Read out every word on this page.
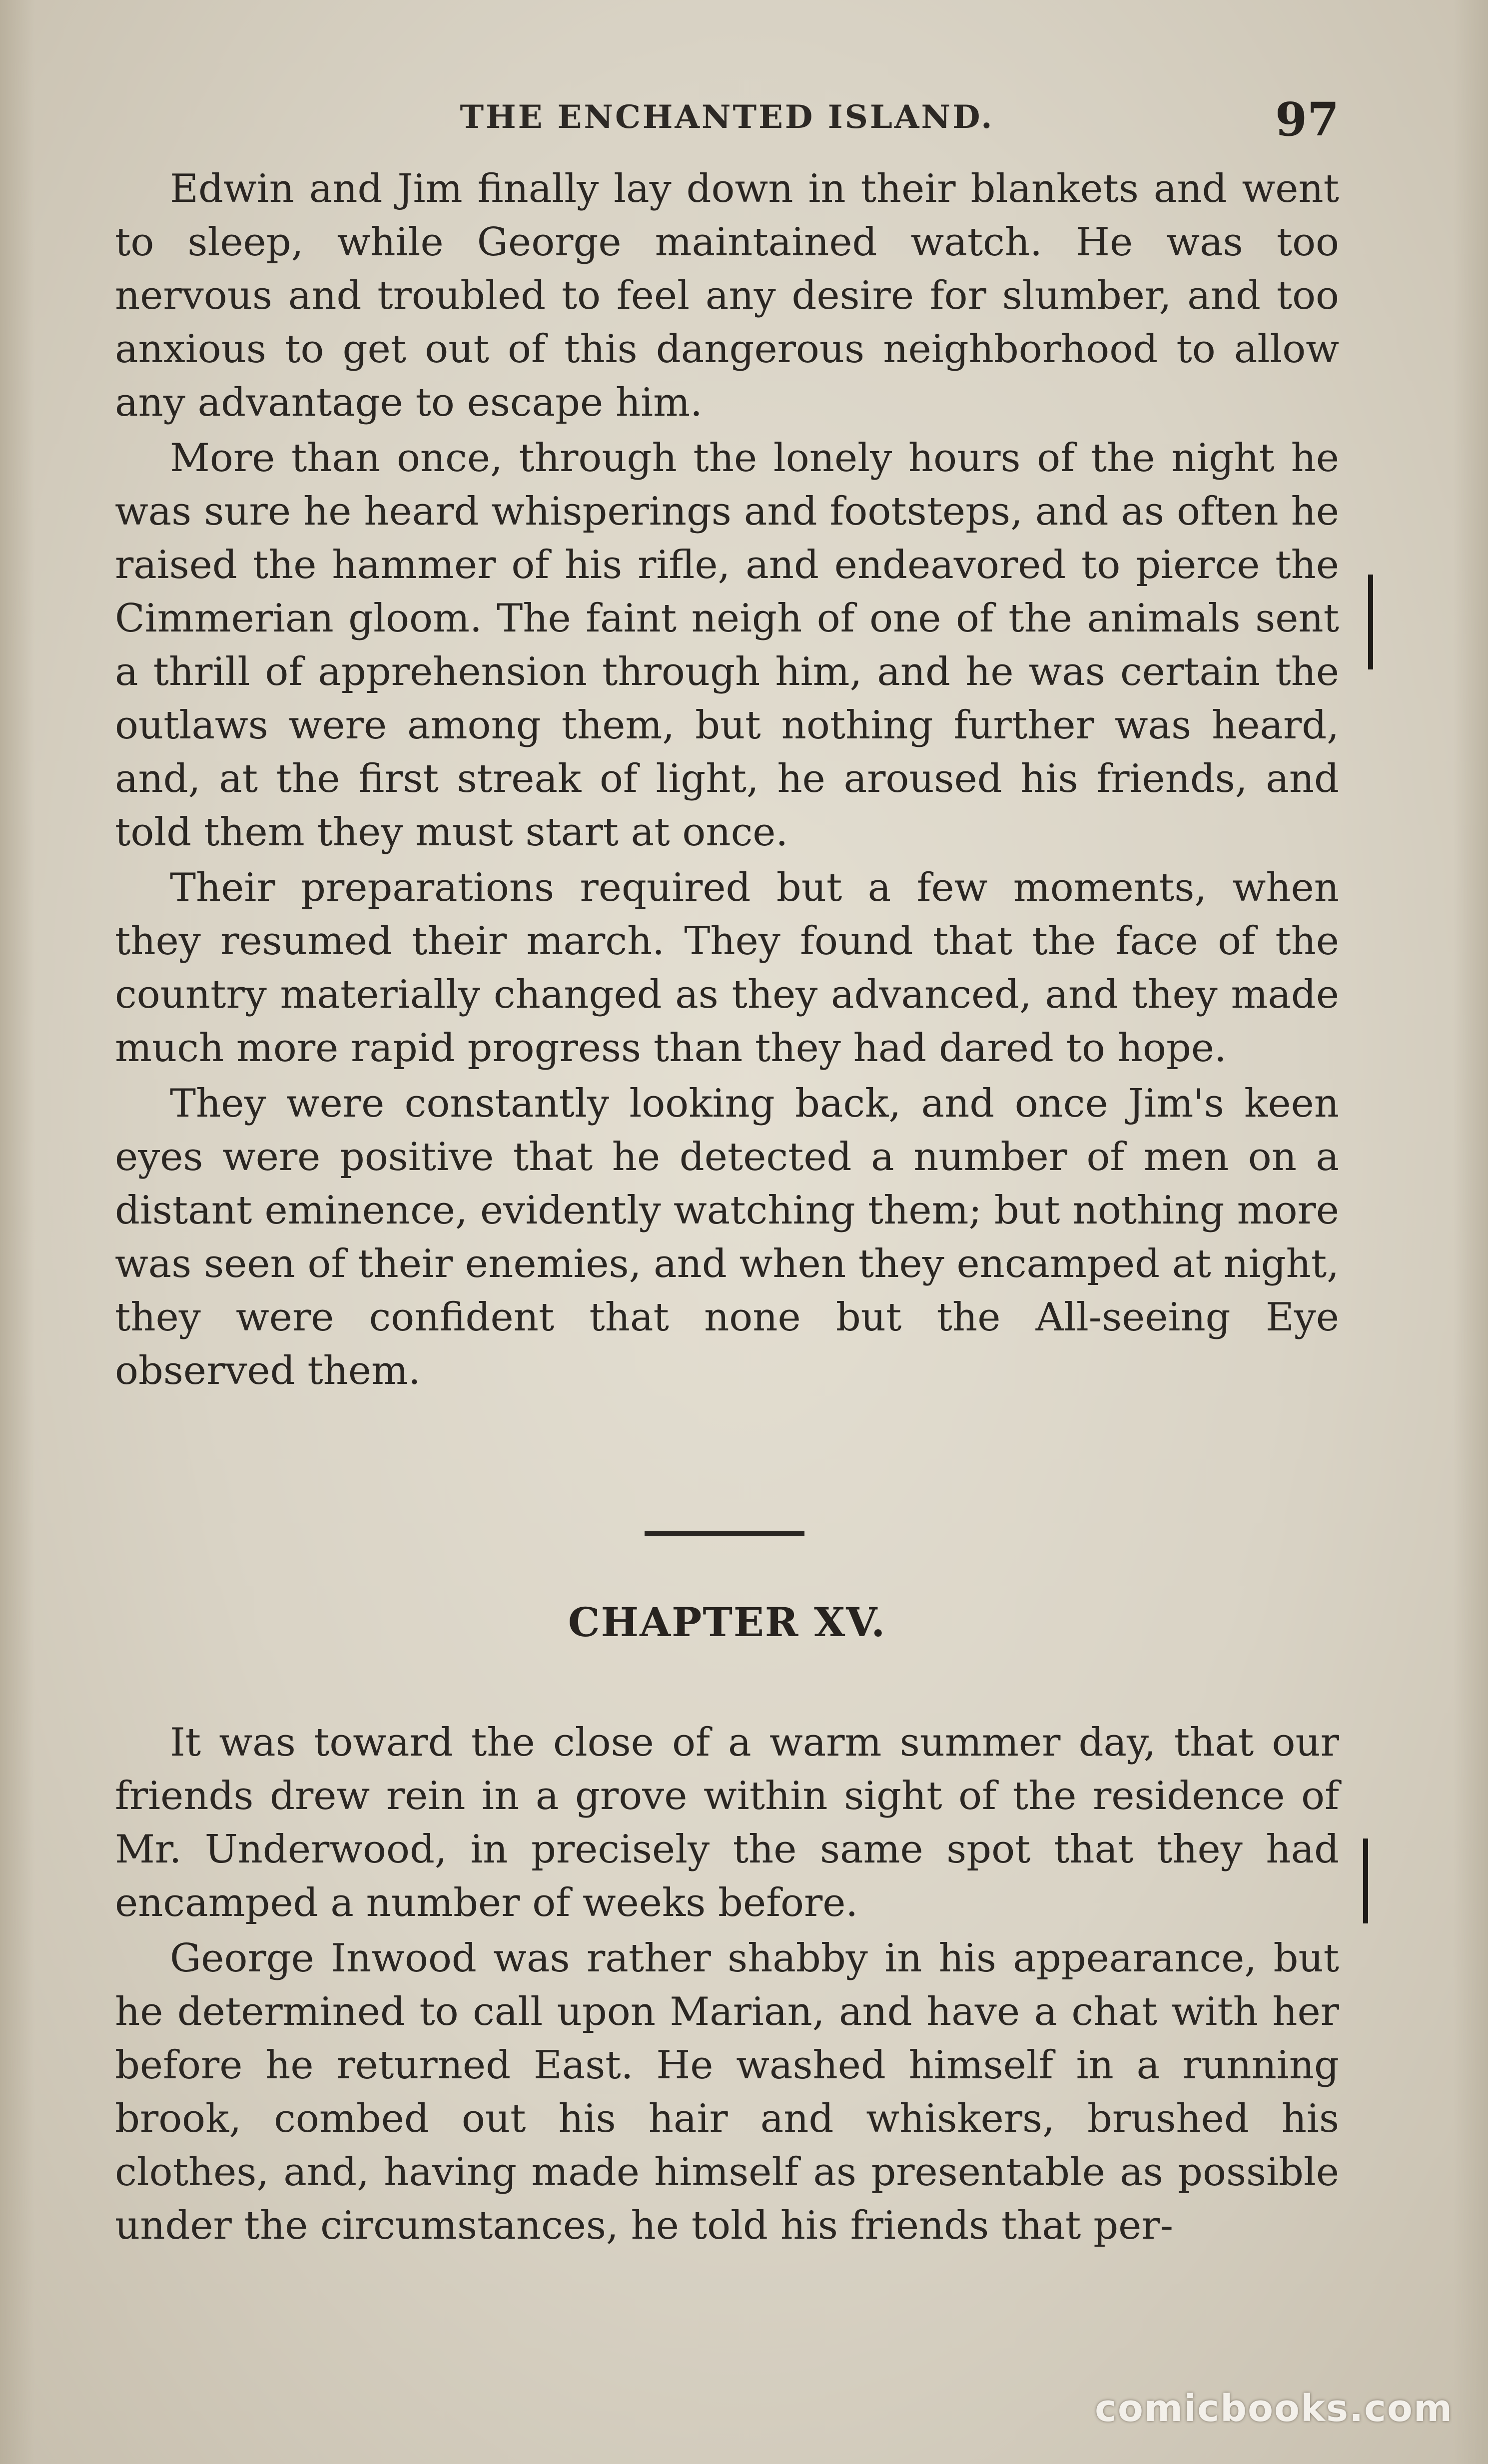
THE ENCHANTED ISLAND.	97

Edwin and Jim finally lay down in their blankets and went to sleep, while George maintained watch. He was too nervous and troubled to feel any desire for slumber, and too anxious to get out of this dangerous neighborhood to allow any advantage to escape him.

More than once, through the lonely hours of the night he was sure he heard whisperings and footsteps, and as often he raised the hammer of his rifle, and endeavored to pierce the Cimmerian gloom. The faint neigh of one of the animals sent a thrill of apprehension through him, and he was certain the outlaws were among them, but nothing further was heard, and, at the first streak of light, he aroused his friends, and told them they must start at once.

Their preparations required but a few moments, when they resumed their march. They found that the face of the country materially changed as they advanced, and they made much more rapid progress than they had dared to hope.

They were constantly looking back, and once Jim's keen eyes were positive that he detected a number of men on a distant eminence, evidently watching them; but nothing more was seen of their enemies, and when they encamped at night, they were confident that none but the All-seeing Eye observed them.

CHAPTER XV.

It was toward the close of a warm summer day, that our friends drew rein in a grove within sight of the residence of Mr. Underwood, in precisely the same spot that they had encamped a number of weeks before.

George Inwood was rather shabby in his appearance, but he determined to call upon Marian, and have a chat with her before he returned East. He washed himself in a running brook, combed out his hair and whiskers, brushed his clothes, and, having made himself as presentable as possible under the circumstances, he told his friends that per-

comicbooks.com
